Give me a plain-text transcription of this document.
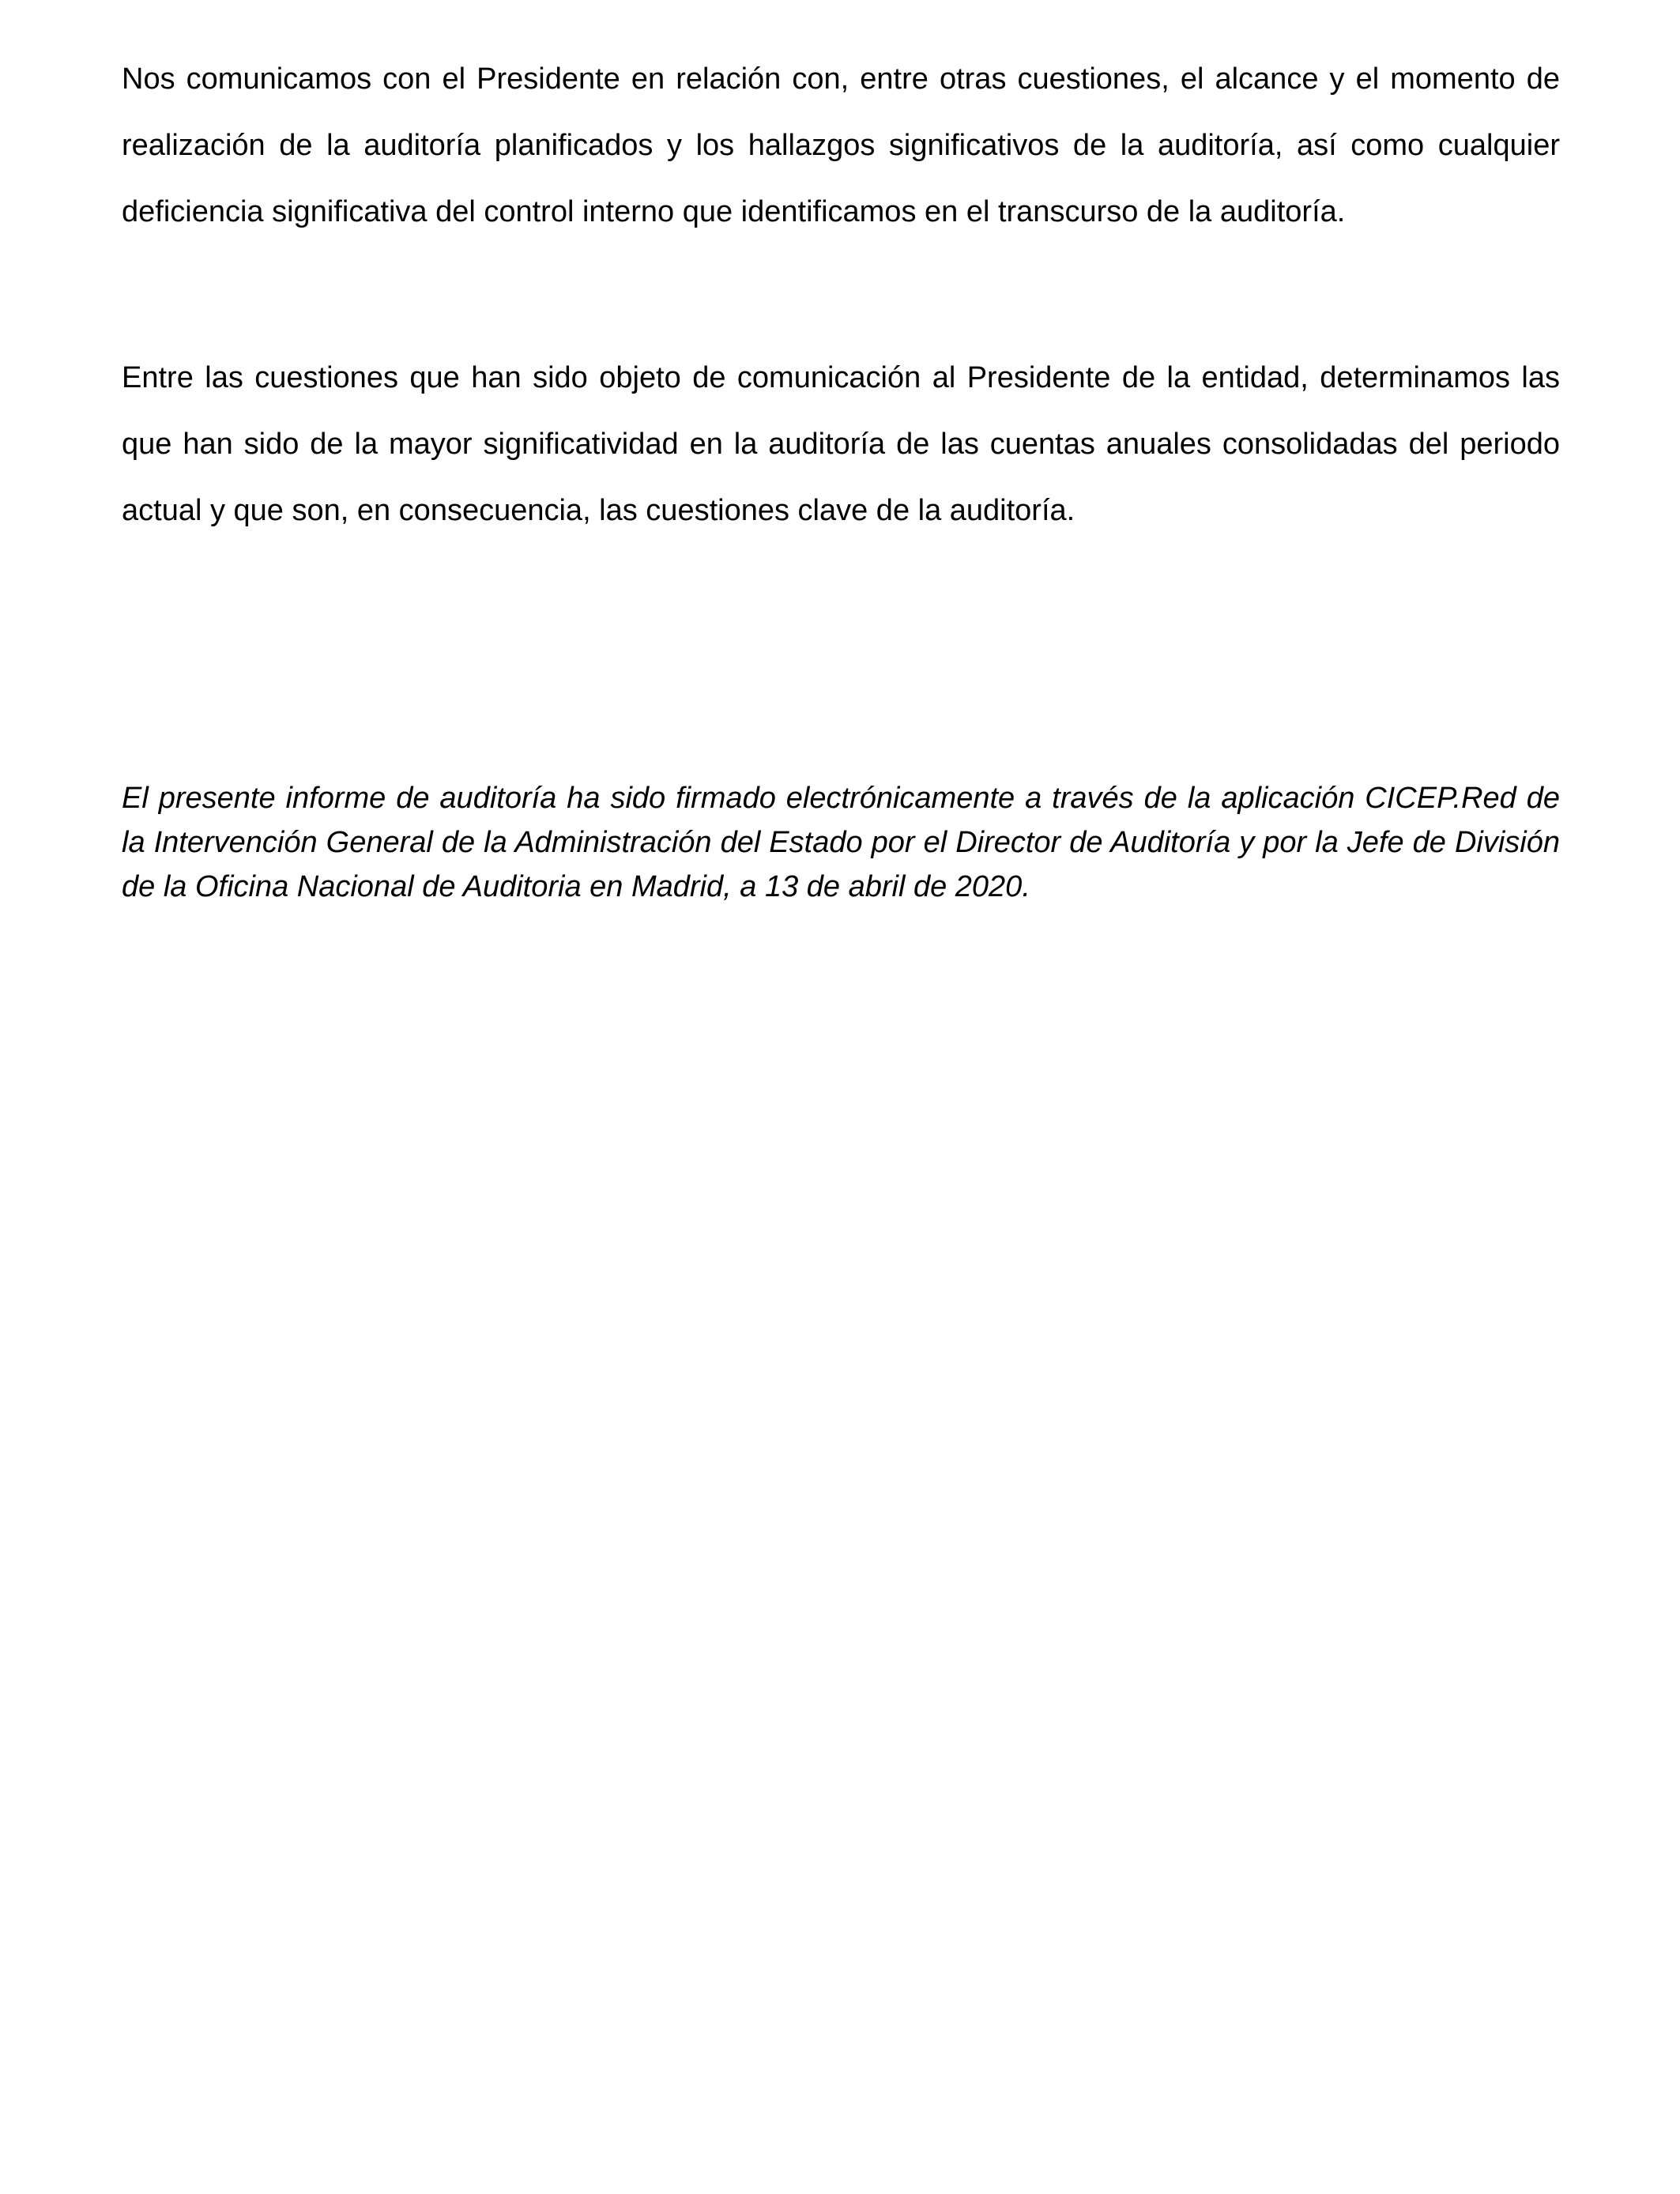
Nos comunicamos con el Presidente en relación con, entre otras cuestiones, el alcance y el momento de realización de la auditoría planificados y los hallazgos significativos de la auditoría, así como cualquier deficiencia significativa del control interno que identificamos en el transcurso de la auditoría.

Entre las cuestiones que han sido objeto de comunicación al Presidente de la entidad, determinamos las que han sido de la mayor significatividad en la auditoría de las cuentas anuales consolidadas del periodo actual y que son, en consecuencia, las cuestiones clave de la auditoría.

El presente informe de auditoría ha sido firmado electrónicamente a través de la aplicación CICEP.Red de la Intervención General de la Administración del Estado por el Director de Auditoría y por la Jefe de División de la Oficina Nacional de Auditoria en Madrid, a 13 de abril de 2020.
